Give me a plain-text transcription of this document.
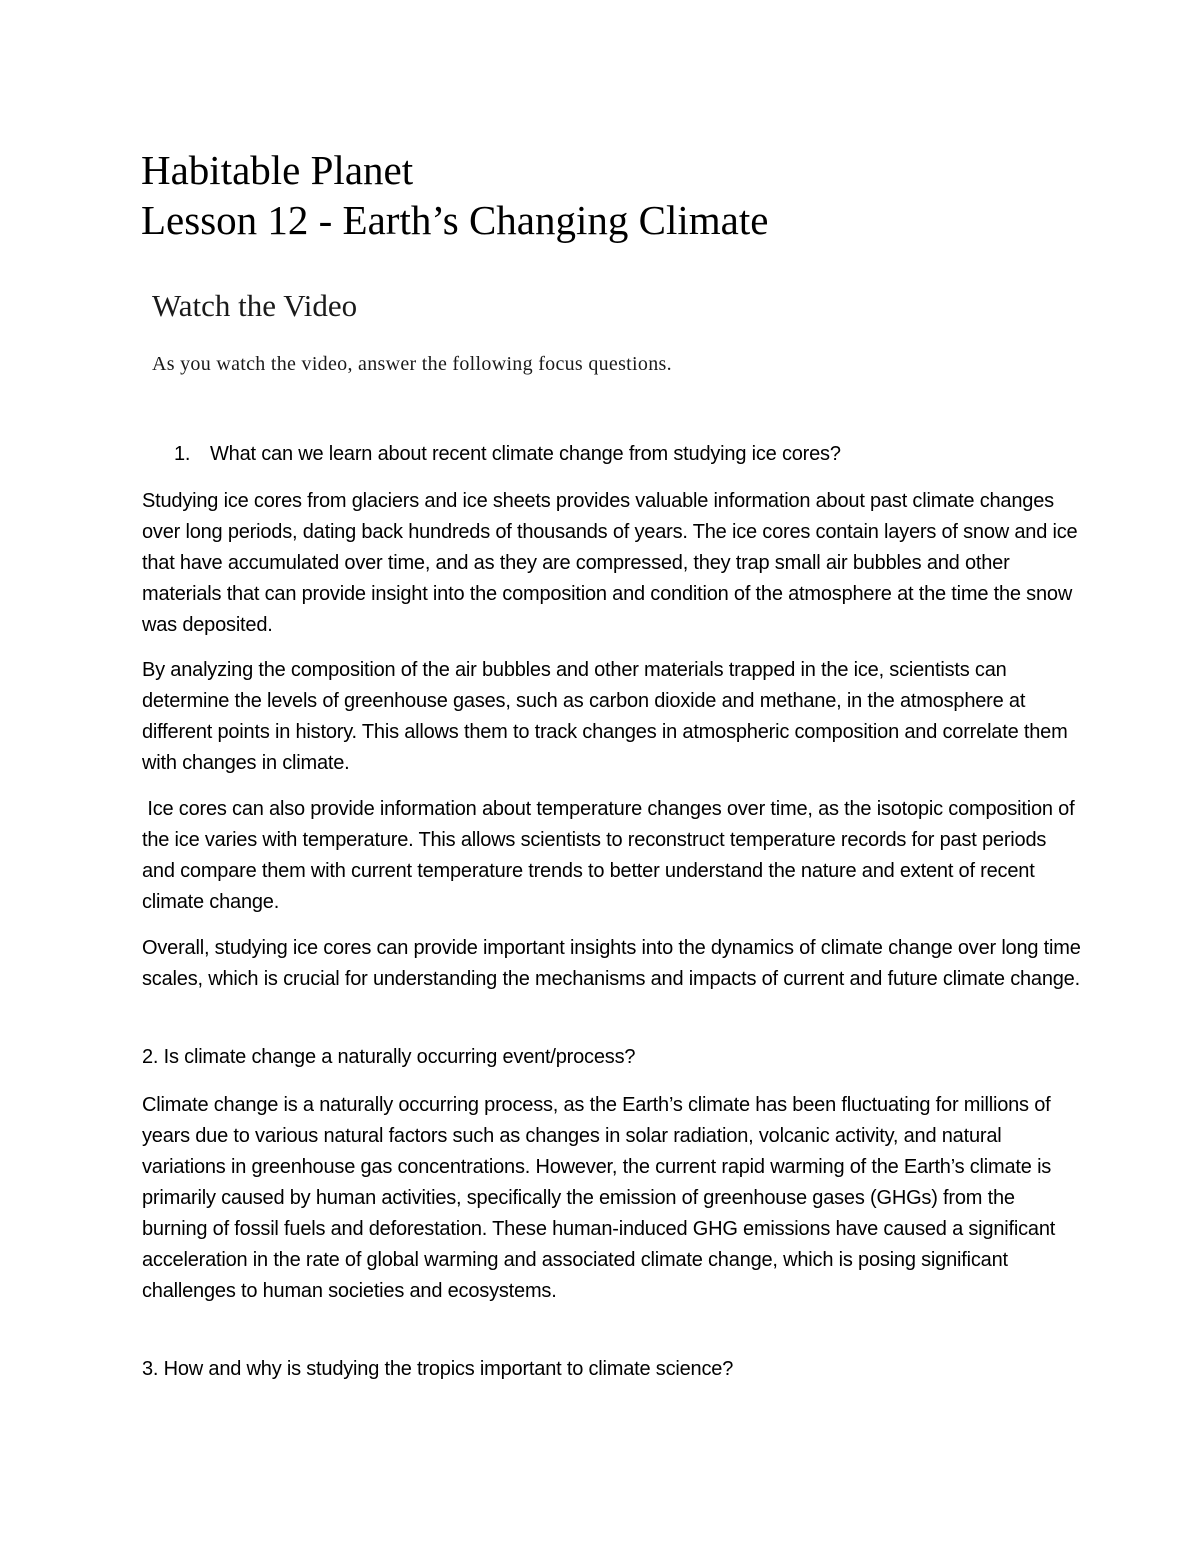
Habitable Planet
Lesson 12 - Earth’s Changing Climate
Watch the Video

As you watch the video, answer the following focus questions.

1. What can we learn about recent climate change from studying ice cores?

Studying ice cores from glaciers and ice sheets provides valuable information about past climate changes over long periods, dating back hundreds of thousands of years. The ice cores contain layers of snow and ice that have accumulated over time, and as they are compressed, they trap small air bubbles and other materials that can provide insight into the composition and condition of the atmosphere at the time the snow was deposited.

By analyzing the composition of the air bubbles and other materials trapped in the ice, scientists can determine the levels of greenhouse gases, such as carbon dioxide and methane, in the atmosphere at different points in history. This allows them to track changes in atmospheric composition and correlate them with changes in climate.

Ice cores can also provide information about temperature changes over time, as the isotopic composition of the ice varies with temperature. This allows scientists to reconstruct temperature records for past periods and compare them with current temperature trends to better understand the nature and extent of recent climate change.

Overall, studying ice cores can provide important insights into the dynamics of climate change over long time scales, which is crucial for understanding the mechanisms and impacts of current and future climate change.

2. Is climate change a naturally occurring event/process?

Climate change is a naturally occurring process, as the Earth’s climate has been fluctuating for millions of years due to various natural factors such as changes in solar radiation, volcanic activity, and natural variations in greenhouse gas concentrations. However, the current rapid warming of the Earth’s climate is primarily caused by human activities, specifically the emission of greenhouse gases (GHGs) from the burning of fossil fuels and deforestation. These human-induced GHG emissions have caused a significant acceleration in the rate of global warming and associated climate change, which is posing significant challenges to human societies and ecosystems.

3. How and why is studying the tropics important to climate science?
